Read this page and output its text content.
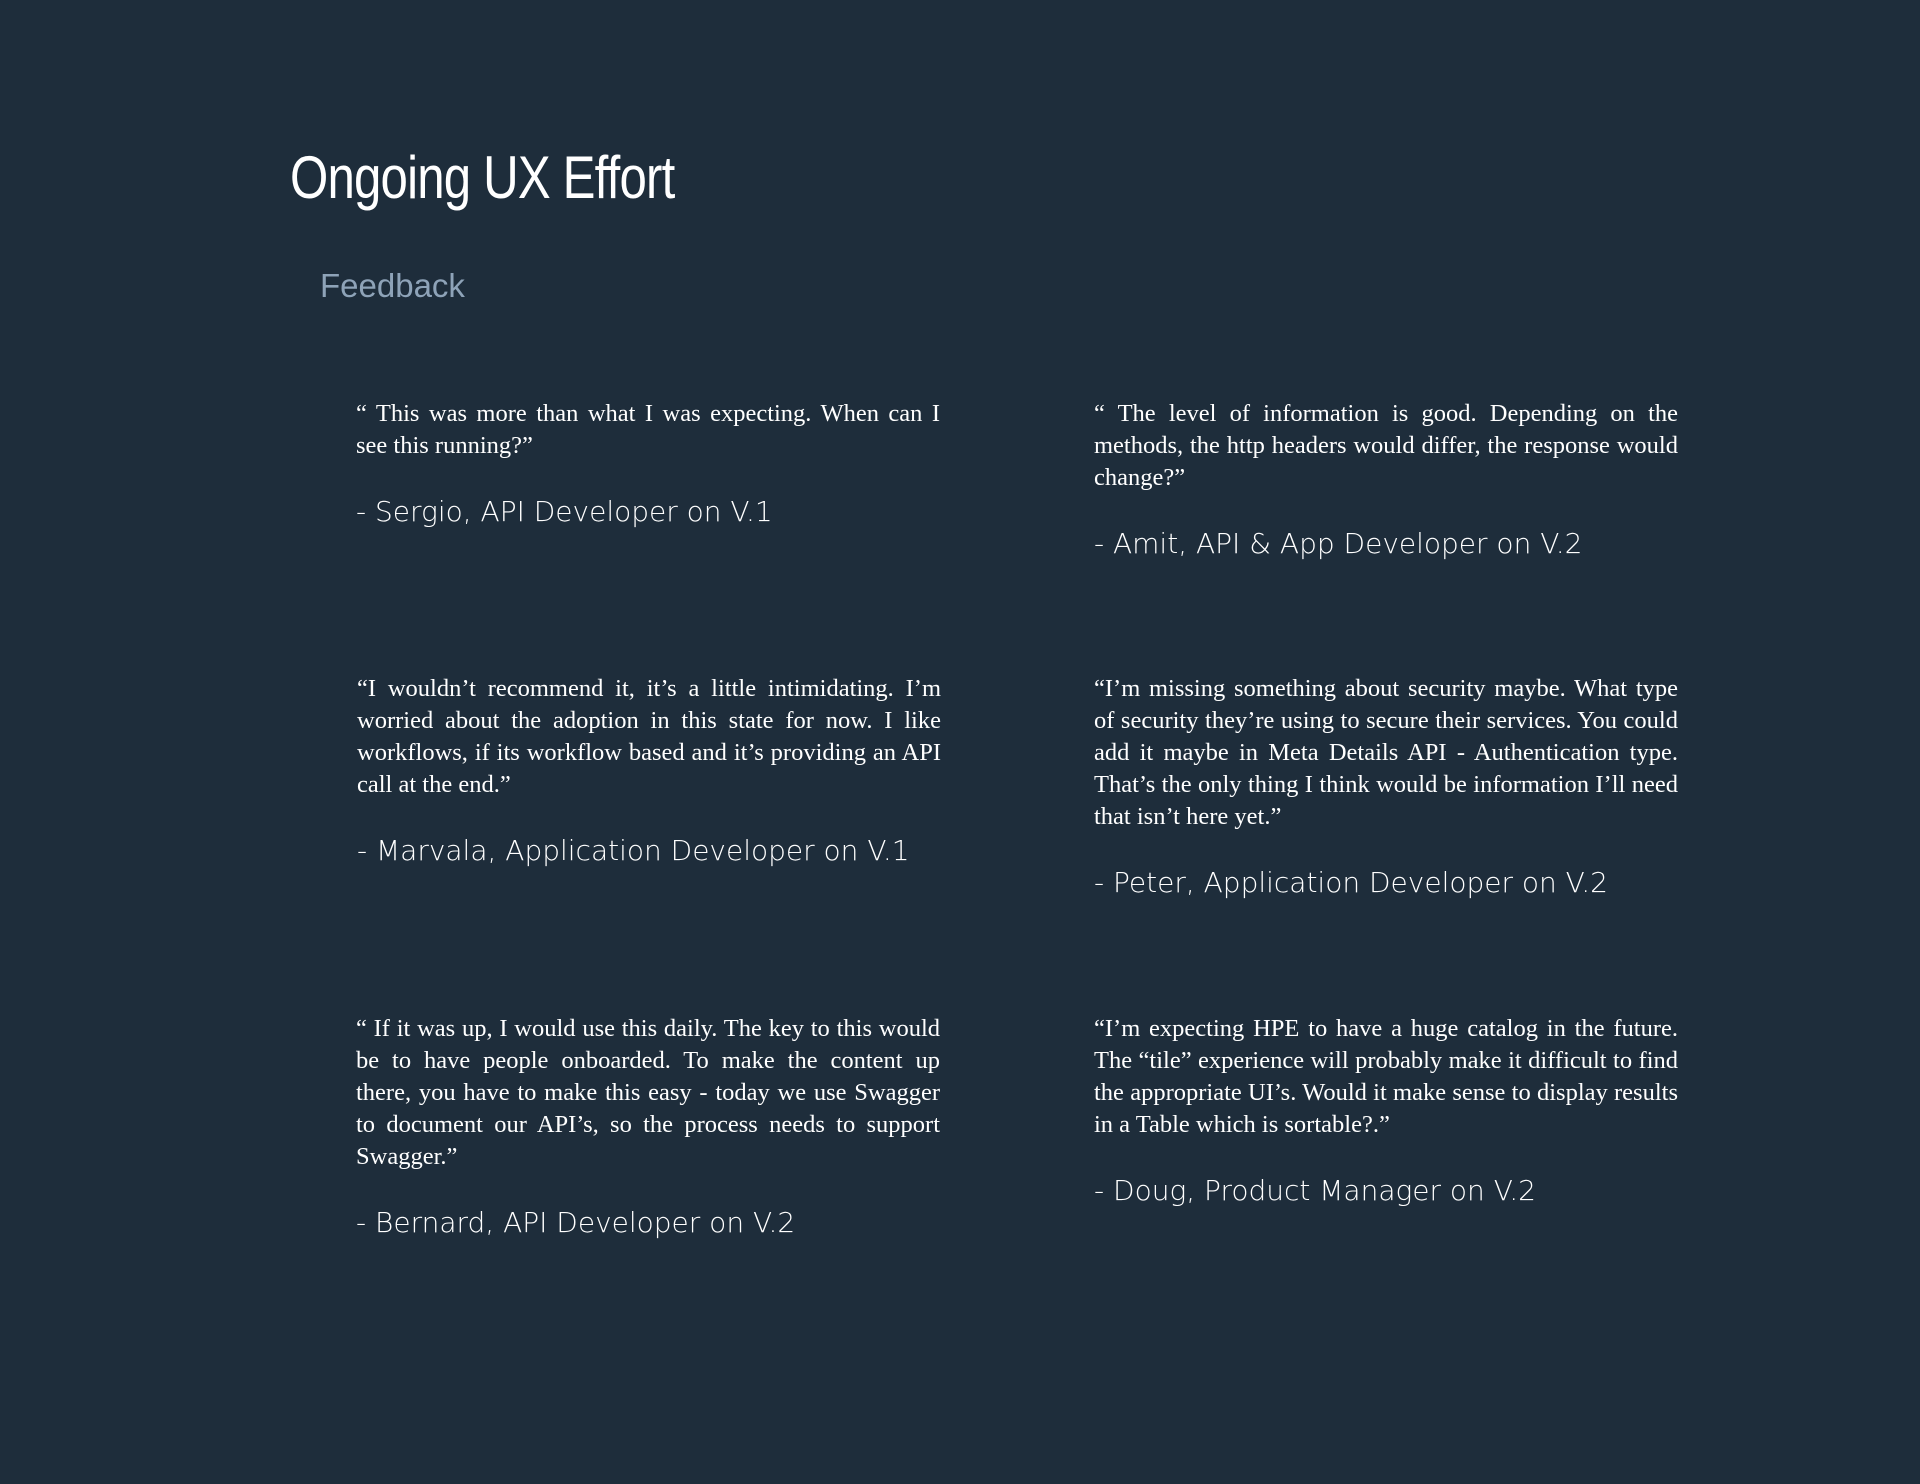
Ongoing UX Effort
Feedback

“ This was more than what I was expecting. When can I see this running?”

- Sergio, API Developer on V.1

“ The level of information is good. Depending on the methods, the http headers would differ, the response would change?”

- Amit, API & App Developer on V.2

“I wouldn’t recommend it, it’s a little intimidating. I’m worried about the adoption in this state for now. I like workflows, if its workflow based and it’s providing an API call at the end.”

- Marvala, Application Developer on V.1

“I’m missing something about security maybe. What type of security they’re using to secure their services. You could add it maybe in Meta Details API - Authentication type. That’s the only thing I think would be information I’ll need that isn’t here yet.”

- Peter, Application Developer on V.2

“ If it was up, I would use this daily. The key to this would be to have people onboarded. To make the content up there, you have to make this easy - today we use Swagger to document our API’s, so the process needs to support Swagger.”

- Bernard, API Developer on V.2

“I’m expecting HPE to have a huge catalog in the future. The “tile” experience will probably make it difficult to find the appropriate UI’s. Would it make sense to display results in a Table which is sortable?.”

- Doug, Product Manager on V.2
